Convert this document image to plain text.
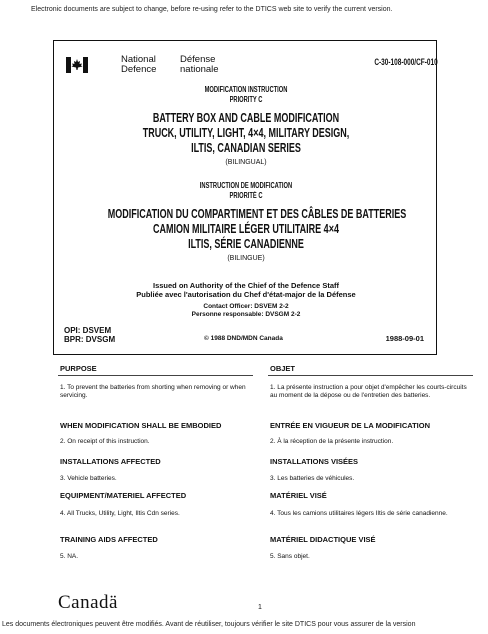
Electronic documents are subject to change, before re-using refer to the DTICS web site to verify the current version.
National
Defence
Défense
nationale
C-30-108-000/CF-010
MODIFICATION INSTRUCTION
PRIORITY C
BATTERY BOX AND CABLE MODIFICATION
TRUCK, UTILITY, LIGHT, 4×4, MILITARY DESIGN,
ILTIS, CANADIAN SERIES
(BILINGUAL)
INSTRUCTION DE MODIFICATION
PRIORITÉ C
MODIFICATION DU COMPARTIMENT ET DES CÂBLES DE BATTERIES
CAMION MILITAIRE LÉGER UTILITAIRE 4×4
ILTIS, SÉRIE CANADIENNE
(BILINGUE)
Issued on Authority of the Chief of the Defence Staff
Publiée avec l'autorisation du Chef d'état-major de la Défense
Contact Officer: DSVEM 2-2
Personne responsable: DVSGM 2-2
OPI: DSVEM
BPR: DVSGM	© 1988 DND/MDN Canada	1988-09-01
PURPOSE	OBJET
1. To prevent the batteries from shorting when removing or when servicing.
1. La présente instruction a pour objet d'empêcher les courts-circuits au moment de la dépose ou de l'entretien des batteries.
WHEN MODIFICATION SHALL BE EMBODIED	ENTRÉE EN VIGUEUR DE LA MODIFICATION
2. On receipt of this instruction.	2. À la réception de la présente instruction.
INSTALLATIONS AFFECTED	INSTALLATIONS VISÉES
3. Vehicle batteries.	3. Les batteries de véhicules.
EQUIPMENT/MATERIEL AFFECTED	MATÉRIEL VISÉ
4. All Trucks, Utility, Light, Iltis Cdn series.	4. Tous les camions utilitaires légers Iltis de série canadienne.
TRAINING AIDS AFFECTED	MATÉRIEL DIDACTIQUE VISÉ
5. NA.	5. Sans objet.
Canadä	1
Les documents électroniques peuvent être modifiés. Avant de réutiliser, toujours vérifier le site DTICS pour vous assurer de la version
